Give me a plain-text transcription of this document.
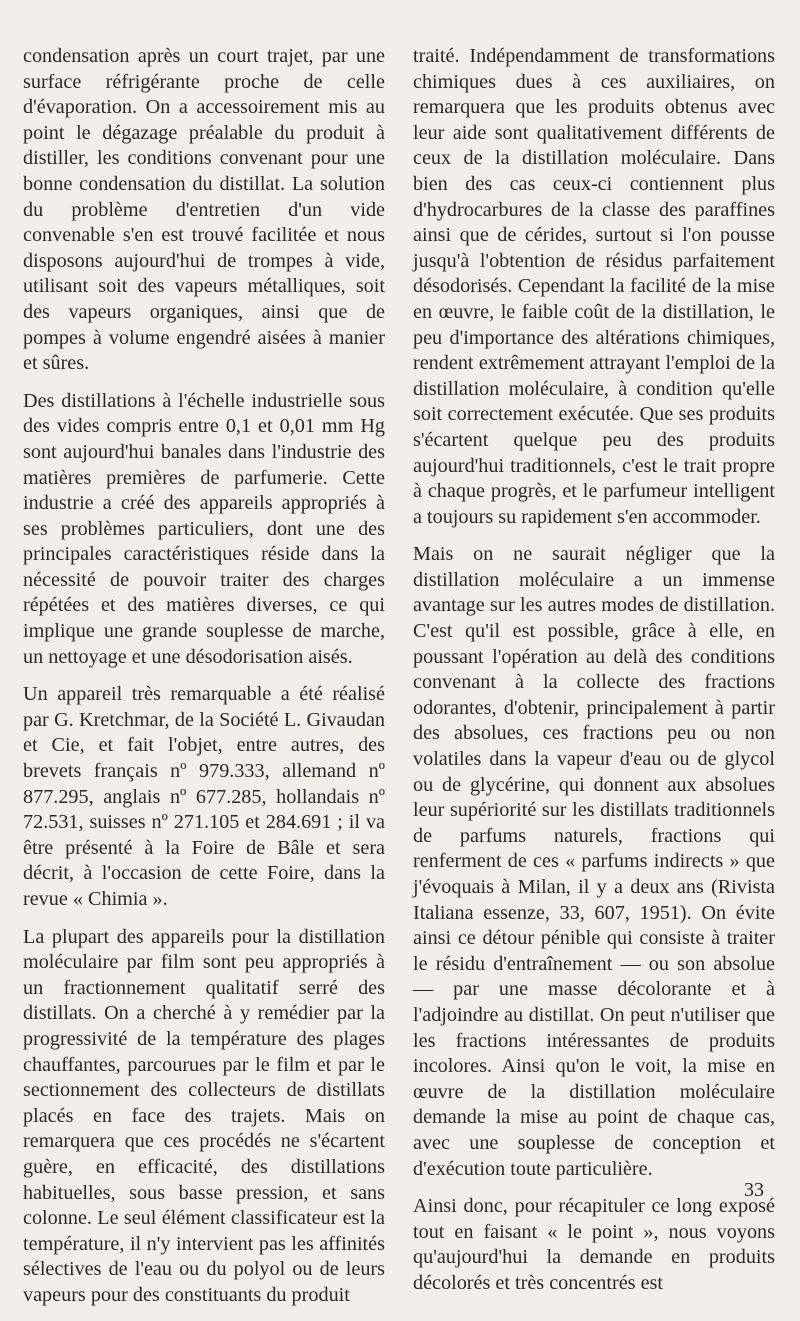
condensation après un court trajet, par une surface réfrigérante proche de celle d'évaporation. On a accessoirement mis au point le dégazage préalable du produit à distiller, les conditions convenant pour une bonne condensation du distillat. La solution du problème d'entretien d'un vide convenable s'en est trouvé facilitée et nous disposons aujourd'hui de trompes à vide, utilisant soit des vapeurs métalliques, soit des vapeurs organiques, ainsi que de pompes à volume engendré aisées à manier et sûres.

Des distillations à l'échelle industrielle sous des vides compris entre 0,1 et 0,01 mm Hg sont aujourd'hui banales dans l'industrie des matières premières de parfumerie. Cette industrie a créé des appareils appropriés à ses problèmes particuliers, dont une des principales caractéristiques réside dans la nécessité de pouvoir traiter des charges répétées et des matières diverses, ce qui implique une grande souplesse de marche, un nettoyage et une désodorisation aisés.

Un appareil très remarquable a été réalisé par G. Kretchmar, de la Société L. Givaudan et Cie, et fait l'objet, entre autres, des brevets français nº 979.333, allemand nº 877.295, anglais nº 677.285, hollandais nº 72.531, suisses nº 271.105 et 284.691 ; il va être présenté à la Foire de Bâle et sera décrit, à l'occasion de cette Foire, dans la revue « Chimia ».

La plupart des appareils pour la distillation moléculaire par film sont peu appropriés à un fractionnement qualitatif serré des distillats. On a cherché à y remédier par la progressivité de la température des plages chauffantes, parcourues par le film et par le sectionnement des collecteurs de distillats placés en face des trajets. Mais on remarquera que ces procédés ne s'écartent guère, en efficacité, des distillations habituelles, sous basse pression, et sans colonne. Le seul élément classificateur est la température, il n'y intervient pas les affinités sélectives de l'eau ou du polyol ou de leurs vapeurs pour des constituants du produit

traité. Indépendamment de transformations chimiques dues à ces auxiliaires, on remarquera que les produits obtenus avec leur aide sont qualitativement différents de ceux de la distillation moléculaire. Dans bien des cas ceux-ci contiennent plus d'hydrocarbures de la classe des paraffines ainsi que de cérides, surtout si l'on pousse jusqu'à l'obtention de résidus parfaitement désodorisés. Cependant la facilité de la mise en œuvre, le faible coût de la distillation, le peu d'importance des altérations chimiques, rendent extrêmement attrayant l'emploi de la distillation moléculaire, à condition qu'elle soit correctement exécutée. Que ses produits s'écartent quelque peu des produits aujourd'hui traditionnels, c'est le trait propre à chaque progrès, et le parfumeur intelligent a toujours su rapidement s'en accommoder.

Mais on ne saurait négliger que la distillation moléculaire a un immense avantage sur les autres modes de distillation. C'est qu'il est possible, grâce à elle, en poussant l'opération au delà des conditions convenant à la collecte des fractions odorantes, d'obtenir, principalement à partir des absolues, ces fractions peu ou non volatiles dans la vapeur d'eau ou de glycol ou de glycérine, qui donnent aux absolues leur supériorité sur les distillats traditionnels de parfums naturels, fractions qui renferment de ces « parfums indirects » que j'évoquais à Milan, il y a deux ans (Rivista Italiana essenze, 33, 607, 1951). On évite ainsi ce détour pénible qui consiste à traiter le résidu d'entraînement — ou son absolue — par une masse décolorante et à l'adjoindre au distillat. On peut n'utiliser que les fractions intéressantes de produits incolores. Ainsi qu'on le voit, la mise en œuvre de la distillation moléculaire demande la mise au point de chaque cas, avec une souplesse de conception et d'exécution toute particulière.

Ainsi donc, pour récapituler ce long exposé tout en faisant « le point », nous voyons qu'aujourd'hui la demande en produits décolorés et très concentrés est

33
